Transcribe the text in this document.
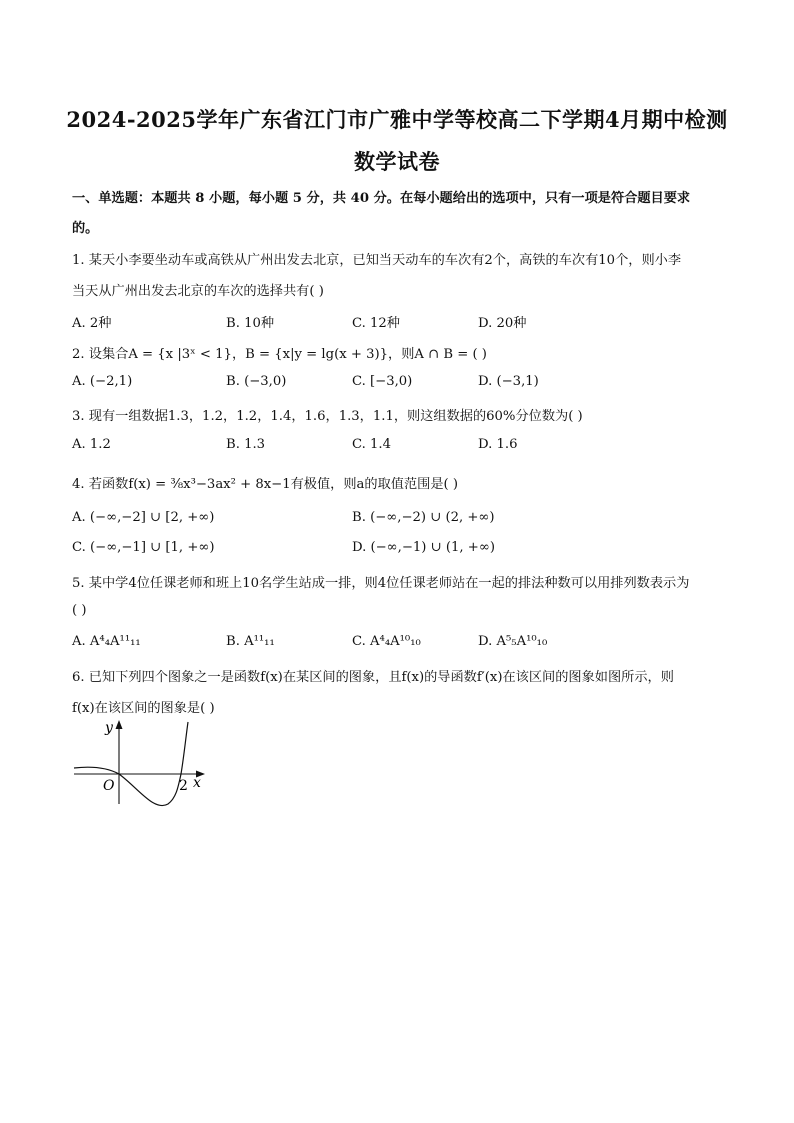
2024-2025学年广东省江门市广雅中学等校高二下学期4月期中检测
数学试卷
一、单选题：本题共 8 小题，每小题 5 分，共 40 分。在每小题给出的选项中，只有一项是符合题目要求
的。
1. 某天小李要坐动车或高铁从广州出发去北京，已知当天动车的车次有2个，高铁的车次有10个，则小李
当天从广州出发去北京的车次的选择共有( )
A. 2种	B. 10种	C. 12种	D. 20种
2. 设集合A = {x |3ˣ < 1}，B = {x|y = lg(x + 3)}，则A ∩ B = ( )
A. (−2,1)	B. (−3,0)	C. [−3,0)	D. (−3,1)
3. 现有一组数据1.3，1.2，1.2，1.4，1.6，1.3，1.1，则这组数据的60%分位数为( )
A. 1.2	B. 1.3	C. 1.4	D. 1.6
4. 若函数f(x) = ³⁄₈x³−3ax² + 8x−1有极值，则a的取值范围是( )
A. (−∞,−2] ∪ [2, +∞)	B. (−∞,−2) ∪ (2, +∞)
C. (−∞,−1] ∪ [1, +∞)	D. (−∞,−1) ∪ (1, +∞)
5. 某中学4位任课老师和班上10名学生站成一排，则4位任课老师站在一起的排法种数可以用排列数表示为
( )
A. A⁴₄A¹¹₁₁	B. A¹¹₁₁	C. A⁴₄A¹⁰₁₀	D. A⁵₅A¹⁰₁₀
6. 已知下列四个图象之一是函数f(x)在某区间的图象，且f(x)的导函数f′(x)在该区间的图象如图所示，则
f(x)在该区间的图象是( )
y
x
O	2
